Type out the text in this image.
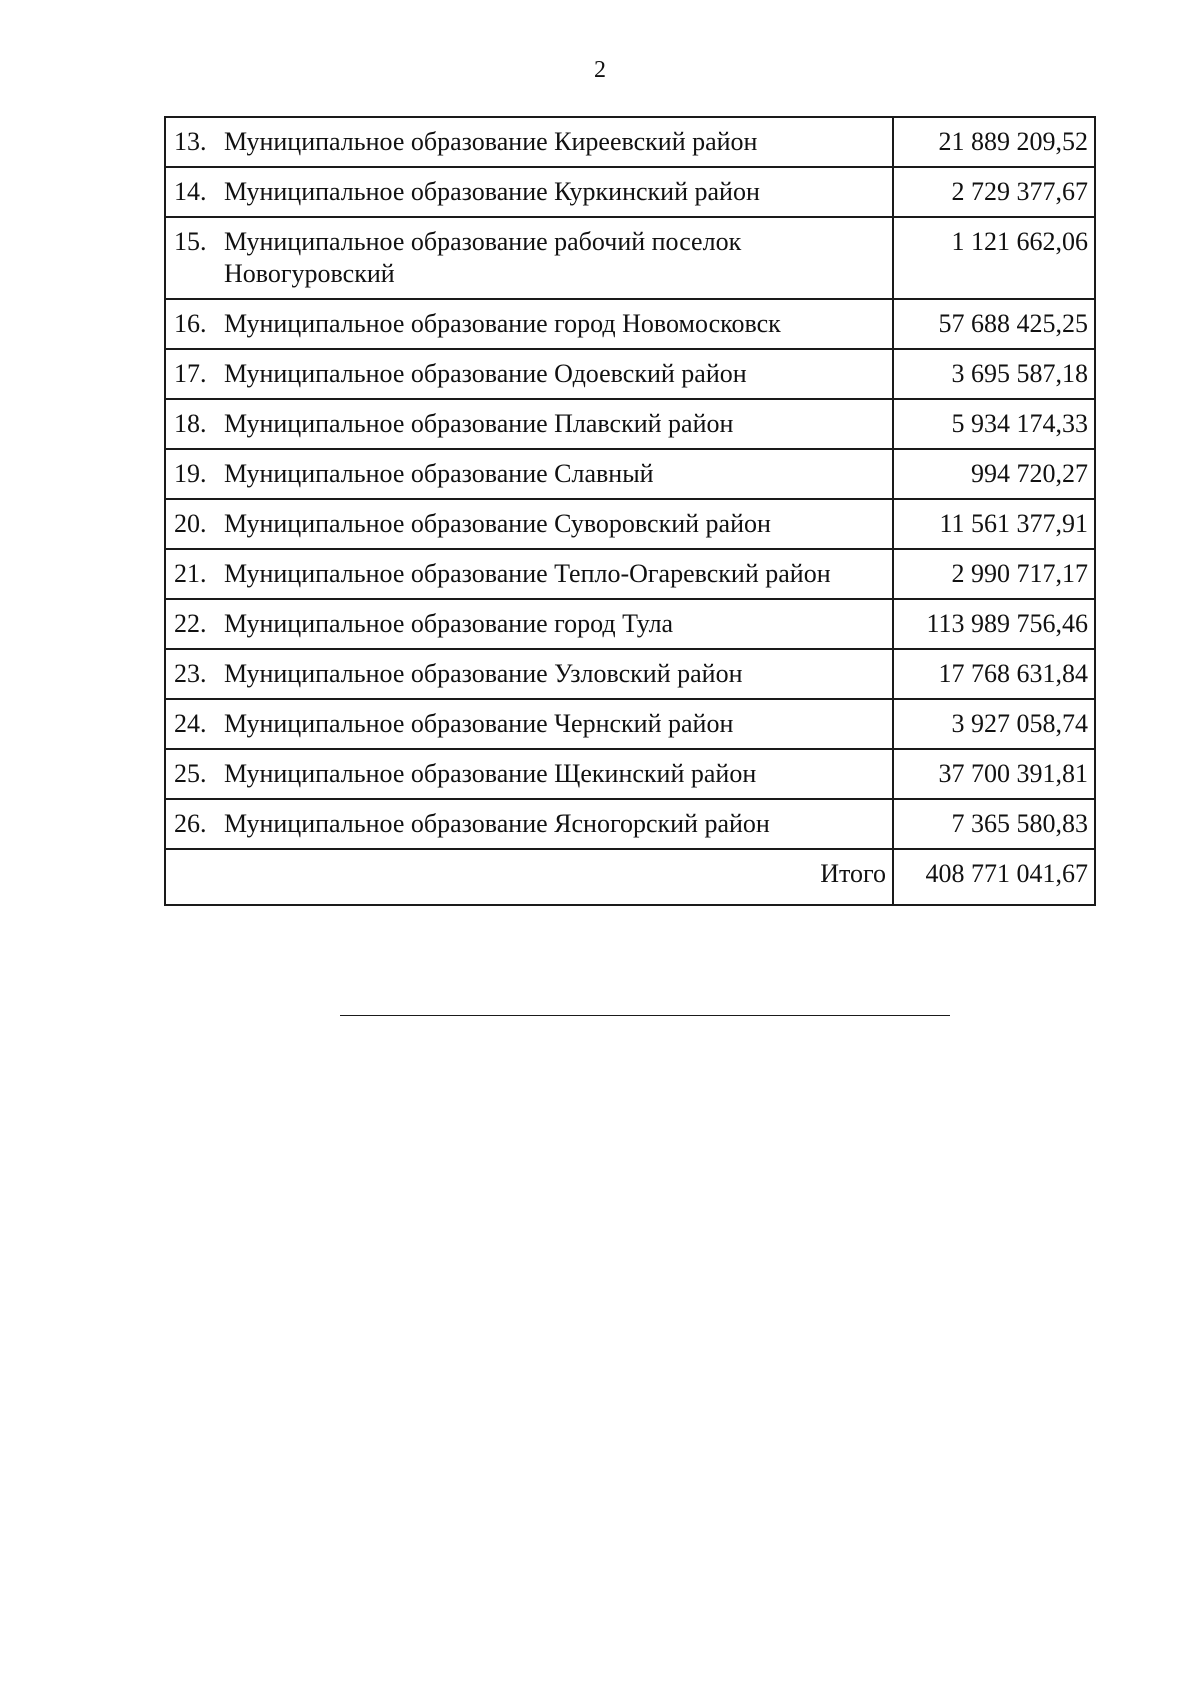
2
13. Муниципальное образование Киреевский район	21 889 209,52

14. Муниципальное образование Куркинский район	2 729 377,67

15. Муниципальное образование рабочий поселок Новогуровский	1 121 662,06

16. Муниципальное образование город Новомосковск	57 688 425,25

17. Муниципальное образование Одоевский район	3 695 587,18

18. Муниципальное образование Плавский район	5 934 174,33

19. Муниципальное образование Славный	994 720,27

20. Муниципальное образование Суворовский район	11 561 377,91

21. Муниципальное образование Тепло-Огаревский район	2 990 717,17

22. Муниципальное образование город Тула	113 989 756,46

23. Муниципальное образование Узловский район	17 768 631,84

24. Муниципальное образование Чернский район	3 927 058,74

25. Муниципальное образование Щекинский район	37 700 391,81

26. Муниципальное образование Ясногорский район	7 365 580,83
Итого	408 771 041,67
